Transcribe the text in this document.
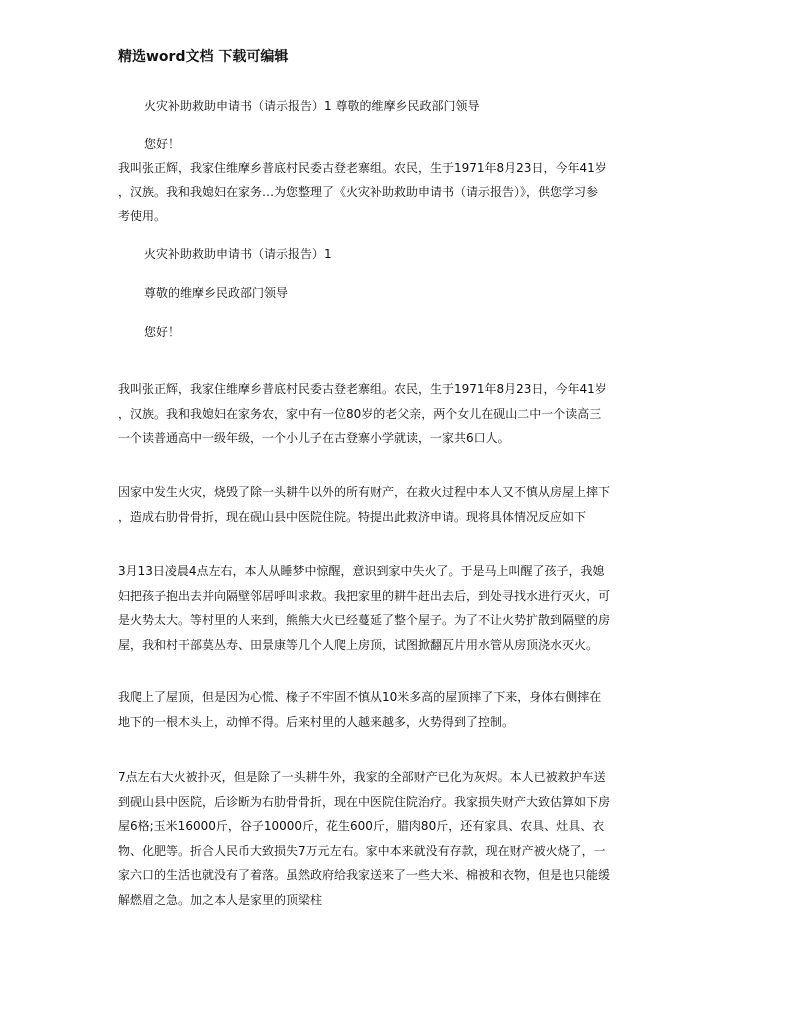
精选word文档 下载可编辑
火灾补助救助申请书（请示报告）1 尊敬的维摩乡民政部门领导
您好！
我叫张正辉，我家住维摩乡普底村民委古登老寨组。农民，生于1971年8月23日，今年41岁
，汉族。我和我媳妇在家务…为您整理了《火灾补助救助申请书（请示报告）》，供您学习参
考使用。
火灾补助救助申请书（请示报告）1
尊敬的维摩乡民政部门领导
您好！
我叫张正辉，我家住维摩乡普底村民委古登老寨组。农民，生于1971年8月23日，今年41岁
，汉族。我和我媳妇在家务农，家中有一位80岁的老父亲，两个女儿在砚山二中一个读高三
一个读普通高中一级年级，一个小儿子在古登寨小学就读，一家共6口人。
因家中发生火灾，烧毁了除一头耕牛以外的所有财产，在救火过程中本人又不慎从房屋上摔下
，造成右肋骨骨折，现在砚山县中医院住院。特提出此救济申请。现将具体情况反应如下
3月13日凌晨4点左右，本人从睡梦中惊醒，意识到家中失火了。于是马上叫醒了孩子，我媳
妇把孩子抱出去并向隔壁邻居呼叫求救。我把家里的耕牛赶出去后，到处寻找水进行灭火，可
是火势太大。等村里的人来到，熊熊大火已经蔓延了整个屋子。为了不让火势扩散到隔壁的房
屋，我和村干部莫丛寿、田景康等几个人爬上房顶，试图掀翻瓦片用水管从房顶浇水灭火。
我爬上了屋顶，但是因为心慌、椽子不牢固不慎从10米多高的屋顶摔了下来，身体右侧摔在
地下的一根木头上，动惮不得。后来村里的人越来越多，火势得到了控制。
7点左右大火被扑灭，但是除了一头耕牛外，我家的全部财产已化为灰烬。本人已被救护车送
到砚山县中医院，后诊断为右肋骨骨折，现在中医院住院治疗。我家损失财产大致估算如下房
屋6格;玉米16000斤，谷子10000斤，花生600斤，腊肉80斤，还有家具、农具、灶具、衣
物、化肥等。折合人民币大致损失7万元左右。家中本来就没有存款，现在财产被火烧了，一
家六口的生活也就没有了着落。虽然政府给我家送来了一些大米、棉被和衣物，但是也只能缓
解燃眉之急。加之本人是家里的顶梁柱
